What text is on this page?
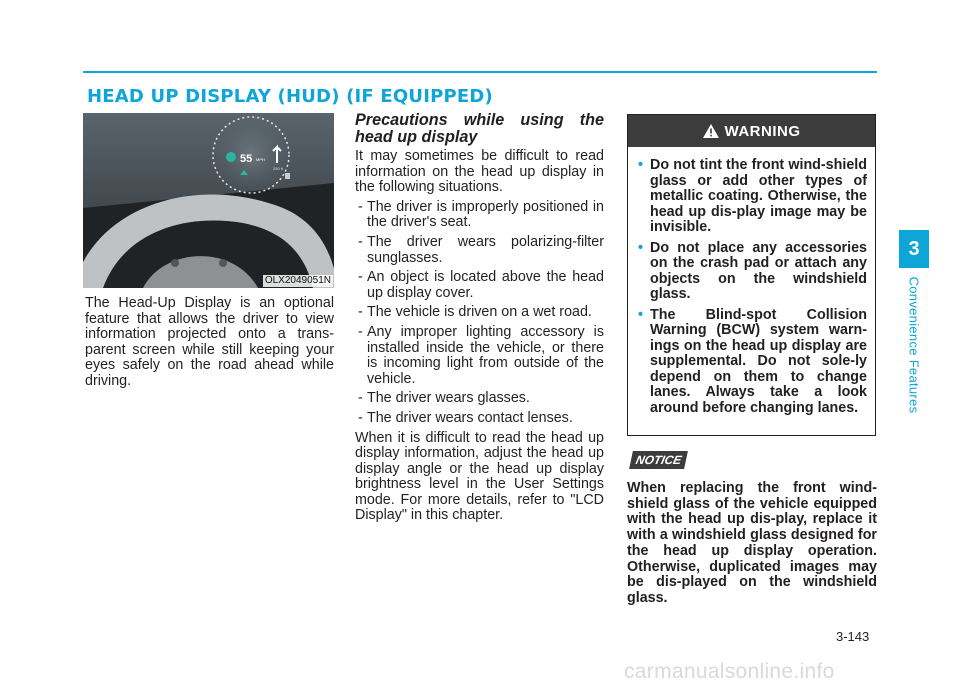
HEAD UP DISPLAY (HUD) (IF EQUIPPED)
55 MPH
250 ft
OLX2049051N

The Head-Up Display is an optional feature that allows the driver to view information projected onto a trans-parent screen while still keeping your eyes safely on the road ahead while driving.

Precautions while using the head up display

It may sometimes be difficult to read information on the head up display in the following situations.

- The driver is improperly positioned in the driver's seat.
- The driver wears polarizing-filter sunglasses.
- An object is located above the head up display cover.
- The vehicle is driven on a wet road.
- Any improper lighting accessory is installed inside the vehicle, or there is incoming light from outside of the vehicle.
- The driver wears glasses.
- The driver wears contact lenses.

When it is difficult to read the head up display information, adjust the head up display angle or the head up display brightness level in the User Settings mode. For more details, refer to "LCD Display" in this chapter.

WARNING
• Do not tint the front wind-shield glass or add other types of metallic coating. Otherwise, the head up dis-play image may be invisible.
• Do not place any accessories on the crash pad or attach any objects on the windshield glass.
• The Blind-spot Collision Warning (BCW) system warn-ings on the head up display are supplemental. Do not sole-ly depend on them to change lanes. Always take a look around before changing lanes.
NOTICE

When replacing the front wind-shield glass of the vehicle equipped with the head up dis-play, replace it with a windshield glass designed for the head up display operation. Otherwise, duplicated images may be dis-played on the windshield glass.

3
Convenience Features
3-143
carmanualsonline.info
